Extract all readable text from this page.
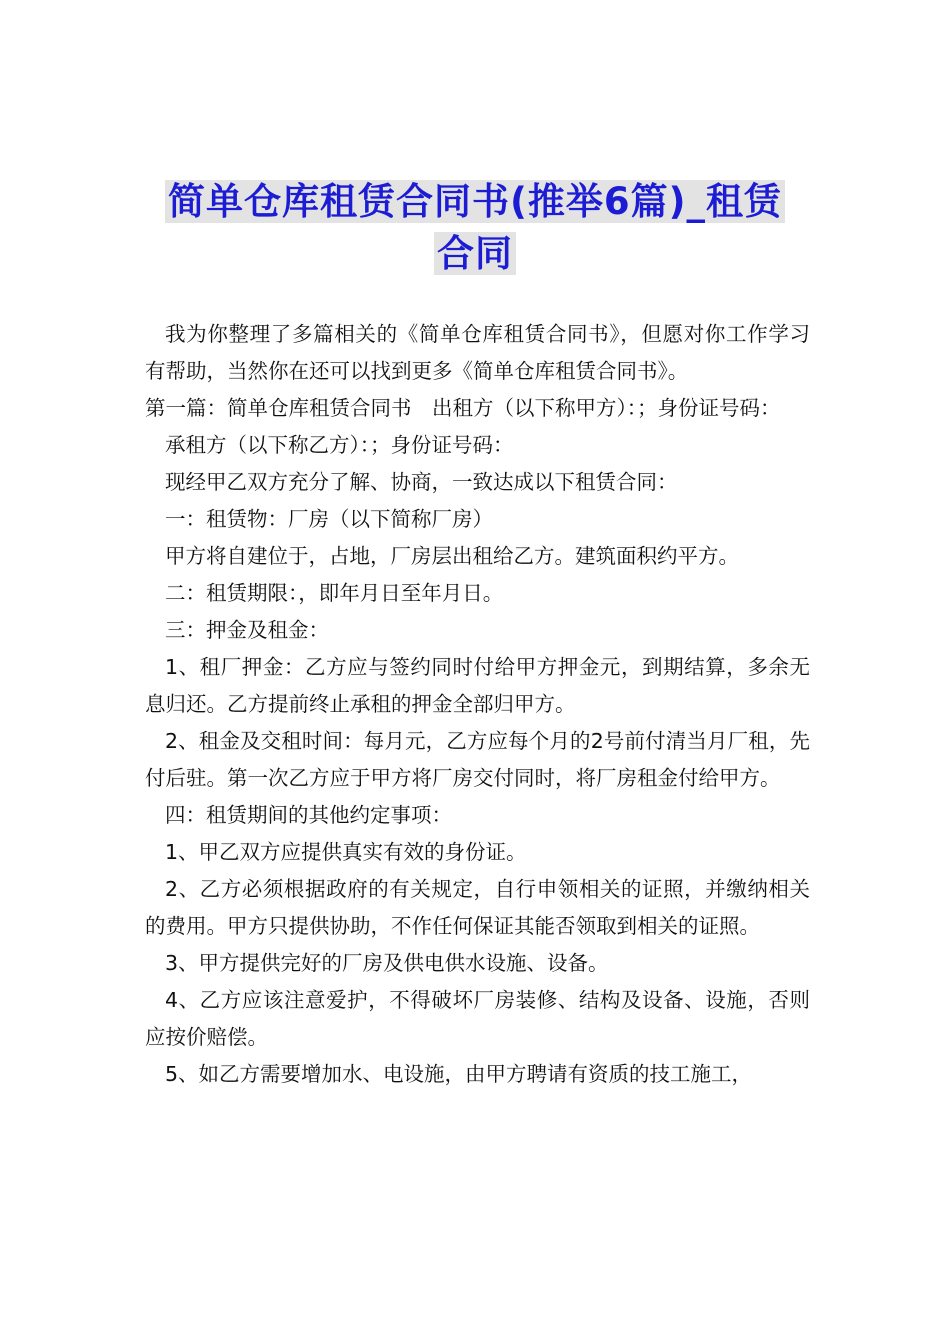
简单仓库租赁合同书(推举6篇)_租赁
合同

我为你整理了多篇相关的《简单仓库租赁合同书》，但愿对你工作学习有帮助，当然你在还可以找到更多《简单仓库租赁合同书》。

第一篇：简单仓库租赁合同书　出租方（以下称甲方）：；身份证号码：

承租方（以下称乙方）：；身份证号码：

现经甲乙双方充分了解、协商，一致达成以下租赁合同：

一：租赁物：厂房（以下简称厂房）

甲方将自建位于，占地，厂房层出租给乙方。建筑面积约平方。

二：租赁期限：，即年月日至年月日。

三：押金及租金：

1、租厂押金：乙方应与签约同时付给甲方押金元，到期结算，多余无息归还。乙方提前终止承租的押金全部归甲方。

2、租金及交租时间：每月元，乙方应每个月的2号前付清当月厂租，先付后驻。第一次乙方应于甲方将厂房交付同时，将厂房租金付给甲方。

四：租赁期间的其他约定事项：

1、甲乙双方应提供真实有效的身份证。

2、乙方必须根据政府的有关规定，自行申领相关的证照，并缴纳相关的费用。甲方只提供协助，不作任何保证其能否领取到相关的证照。

3、甲方提供完好的厂房及供电供水设施、设备。

4、乙方应该注意爱护，不得破坏厂房装修、结构及设备、设施，否则应按价赔偿。

5、如乙方需要增加水、电设施，由甲方聘请有资质的技工施工，
